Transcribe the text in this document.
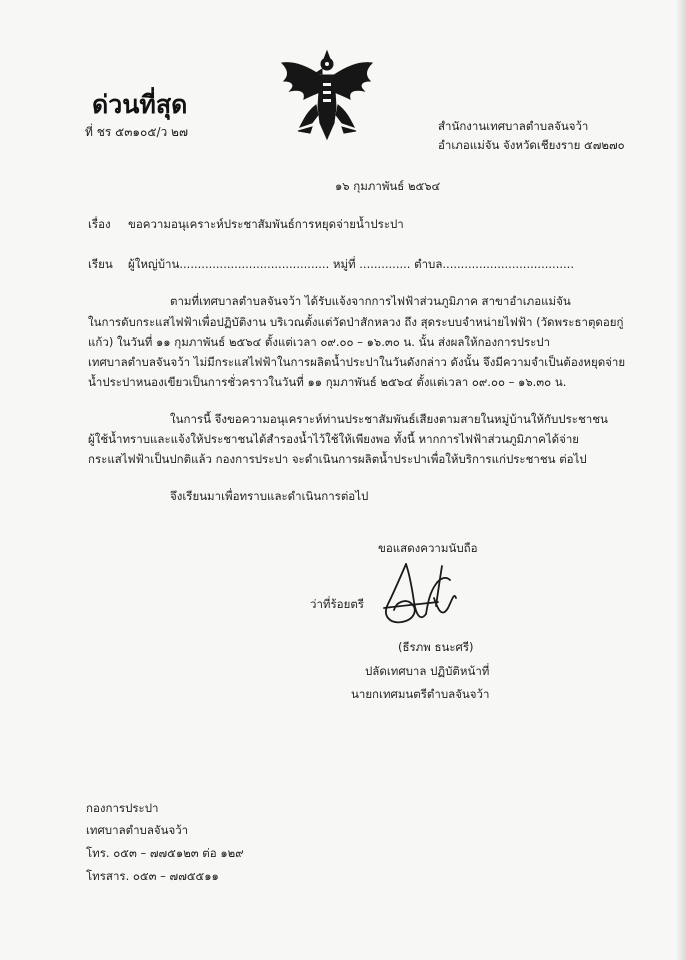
ด่วนที่สุด
ที่ ชร ๕๓๑๐๕/ว ๒๗	สำนักงานเทศบาลตำบลจันจว้า
อำเภอแม่จัน จังหวัดเชียงราย ๕๗๒๗๐
๑๖ กุมภาพันธ์ ๒๕๖๔
เรื่อง ขอความอนุเคราะห์ประชาสัมพันธ์การหยุดจ่ายน้ำประปา
เรียน ผู้ใหญ่บ้าน......................................... หมู่ที่ .............. ตำบล....................................
ตามที่เทศบาลตำบลจันจว้า ได้รับแจ้งจากการไฟฟ้าส่วนภูมิภาค สาขาอำเภอแม่จัน
ในการดับกระแสไฟฟ้าเพื่อปฏิบัติงาน บริเวณตั้งแต่วัดป่าสักหลวง ถึง สุดระบบจำหน่ายไฟฟ้า (วัดพระธาตุดอยกู่
แก้ว) ในวันที่ ๑๑ กุมภาพันธ์ ๒๕๖๔ ตั้งแต่เวลา ๐๙.๐๐ – ๑๖.๓๐ น. นั้น ส่งผลให้กองการประปา
เทศบาลตำบลจันจว้า ไม่มีกระแสไฟฟ้าในการผลิตน้ำประปาในวันดังกล่าว ดังนั้น จึงมีความจำเป็นต้องหยุดจ่าย
น้ำประปาหนองเขียวเป็นการชั่วคราวในวันที่ ๑๑ กุมภาพันธ์ ๒๕๖๔ ตั้งแต่เวลา ๐๙.๐๐ – ๑๖.๓๐ น.
ในการนี้ จึงขอความอนุเคราะห์ท่านประชาสัมพันธ์เสียงตามสายในหมู่บ้านให้กับประชาชน
ผู้ใช้น้ำทราบและแจ้งให้ประชาชนได้สำรองน้ำไว้ใช้ให้เพียงพอ ทั้งนี้ หากการไฟฟ้าส่วนภูมิภาคได้จ่าย
กระแสไฟฟ้าเป็นปกติแล้ว กองการประปา จะดำเนินการผลิตน้ำประปาเพื่อให้บริการแก่ประชาชน ต่อไป
จึงเรียนมาเพื่อทราบและดำเนินการต่อไป
ขอแสดงความนับถือ
ว่าที่ร้อยตรี
(ธีรภพ ธนะศรี)
ปลัดเทศบาล ปฏิบัติหน้าที่
นายกเทศมนตรีตำบลจันจว้า
กองการประปา
เทศบาลตำบลจันจว้า
โทร. ๐๕๓ – ๗๗๕๑๒๓ ต่อ ๑๒๙
โทรสาร. ๐๕๓ – ๗๗๕๕๑๑
